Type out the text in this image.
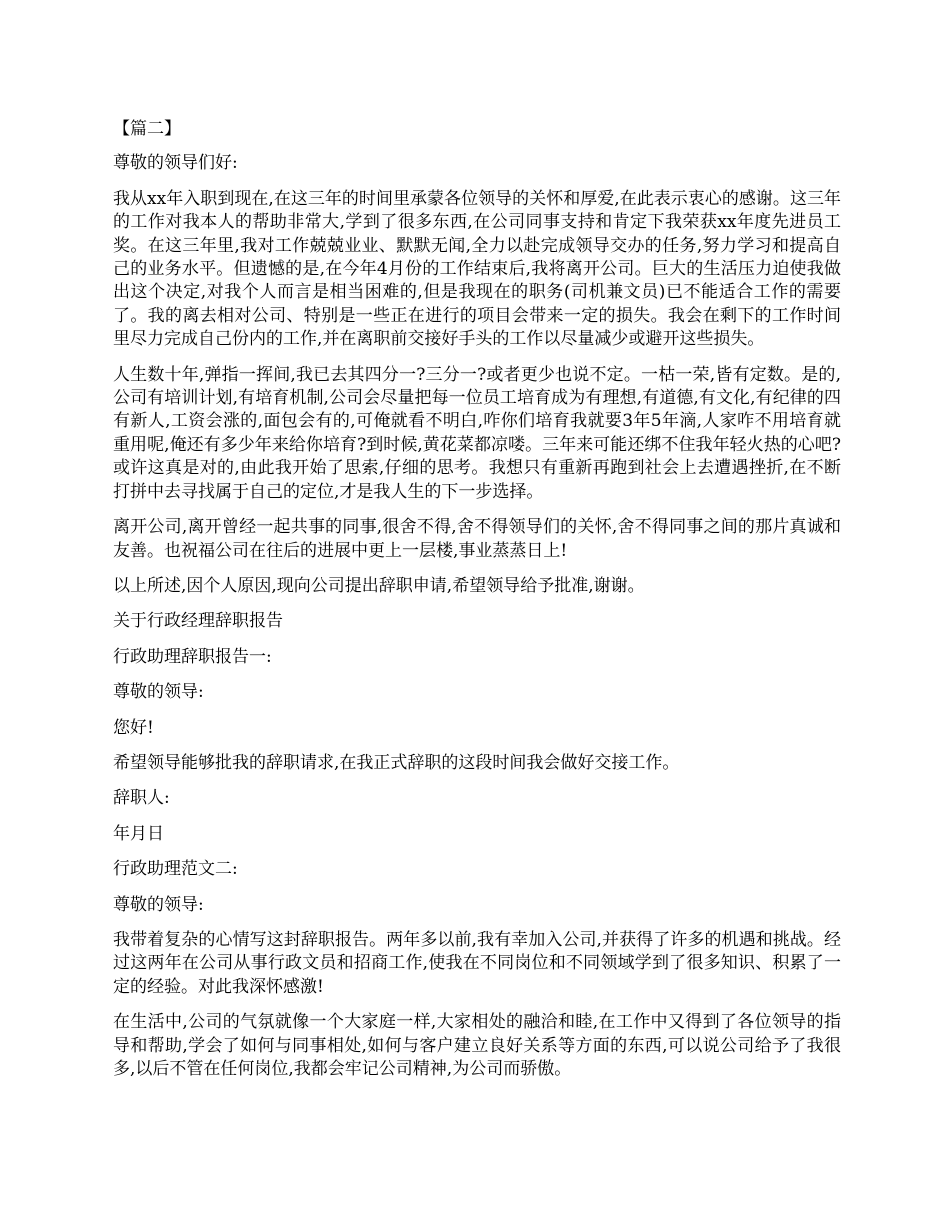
【篇二】

尊敬的领导们好:

我从xx年入职到现在,在这三年的时间里承蒙各位领导的关怀和厚爱,在此表示衷心的感谢。这三年的工作对我本人的帮助非常大,学到了很多东西,在公司同事支持和肯定下我荣获xx年度先进员工奖。在这三年里,我对工作兢兢业业、默默无闻,全力以赴完成领导交办的任务,努力学习和提高自己的业务水平。但遗憾的是,在今年4月份的工作结束后,我将离开公司。巨大的生活压力迫使我做出这个决定,对我个人而言是相当困难的,但是我现在的职务(司机兼文员)已不能适合工作的需要了。我的离去相对公司、特别是一些正在进行的项目会带来一定的损失。我会在剩下的工作时间里尽力完成自己份内的工作,并在离职前交接好手头的工作以尽量减少或避开这些损失。

人生数十年,弹指一挥间,我已去其四分一?三分一?或者更少也说不定。一枯一荣,皆有定数。是的,公司有培训计划,有培育机制,公司会尽量把每一位员工培育成为有理想,有道德,有文化,有纪律的四有新人,工资会涨的,面包会有的,可俺就看不明白,咋你们培育我就要3年5年滴,人家咋不用培育就重用呢,俺还有多少年来给你培育?到时候,黄花菜都凉喽。三年来可能还绑不住我年轻火热的心吧?或许这真是对的,由此我开始了思索,仔细的思考。我想只有重新再跑到社会上去遭遇挫折,在不断打拼中去寻找属于自己的定位,才是我人生的下一步选择。

离开公司,离开曾经一起共事的同事,很舍不得,舍不得领导们的关怀,舍不得同事之间的那片真诚和友善。也祝福公司在往后的进展中更上一层楼,事业蒸蒸日上!

以上所述,因个人原因,现向公司提出辞职申请,希望领导给予批准,谢谢。

关于行政经理辞职报告

行政助理辞职报告一:

尊敬的领导:

您好!

希望领导能够批我的辞职请求,在我正式辞职的这段时间我会做好交接工作。

辞职人:

年月日

行政助理范文二:

尊敬的领导:

我带着复杂的心情写这封辞职报告。两年多以前,我有幸加入公司,并获得了许多的机遇和挑战。经过这两年在公司从事行政文员和招商工作,使我在不同岗位和不同领域学到了很多知识、积累了一定的经验。对此我深怀感激!

在生活中,公司的气氛就像一个大家庭一样,大家相处的融洽和睦,在工作中又得到了各位领导的指导和帮助,学会了如何与同事相处,如何与客户建立良好关系等方面的东西,可以说公司给予了我很多,以后不管在任何岗位,我都会牢记公司精神,为公司而骄傲。
